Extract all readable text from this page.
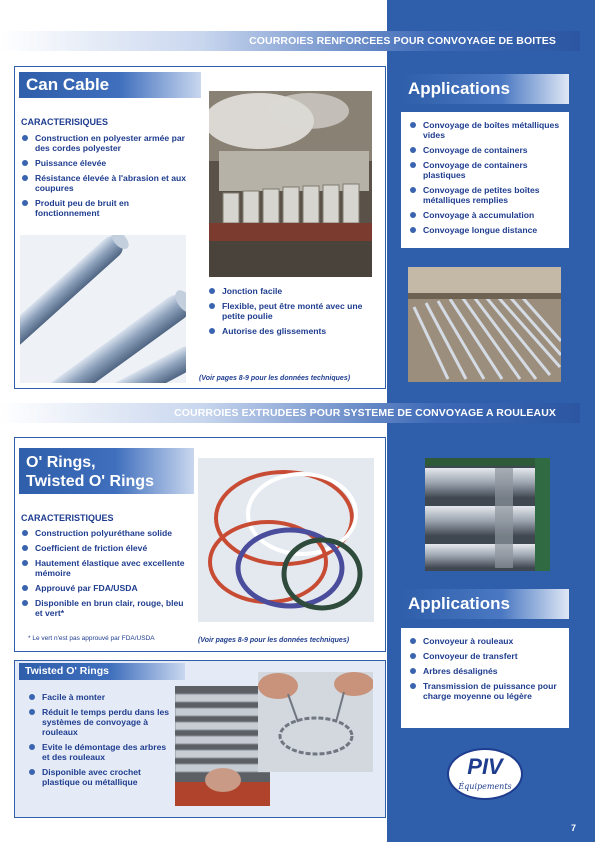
COURROIES RENFORCEES POUR CONVOYAGE DE BOITES
Can Cable
CARACTERISIQUES
Construction en polyester armée par des cordes polyester
Puissance élevée
Résistance élevée à l'abrasion et aux coupures
Produit peu de bruit en fonctionnement
Jonction facile
Flexible, peut être monté avec une petite poulie
Autorise des glissements
(Voir pages 8-9 pour les données techniques)
Applications
Convoyage de boîtes métalliques vides
Convoyage de containers
Convoyage de containers plastiques
Convoyage de petites boîtes métalliques remplies
Convoyage à accumulation
Convoyage longue distance
COURROIES EXTRUDEES POUR SYSTEME DE CONVOYAGE A ROULEAUX
O' Rings,
Twisted O' Rings
CARACTERISTIQUES
Construction polyuréthane solide
Coefficient de friction élevé
Hautement élastique avec excellente mémoire
Approuvé par FDA/USDA
Disponible en brun clair, rouge, bleu et vert*
* Le vert n'est pas approuvé par FDA/USDA	(Voir pages 8-9 pour les données techniques)
Twisted O' Rings
Facile à monter
Réduit le temps perdu dans les systèmes de convoyage à rouleaux
Evite le démontage des arbres et des rouleaux
Disponible avec crochet plastique ou métallique
Applications
Convoyeur à rouleaux
Convoyeur de transfert
Arbres désalignés
Transmission de puissance pour charge moyenne ou légère
PIV
Équipements
7
